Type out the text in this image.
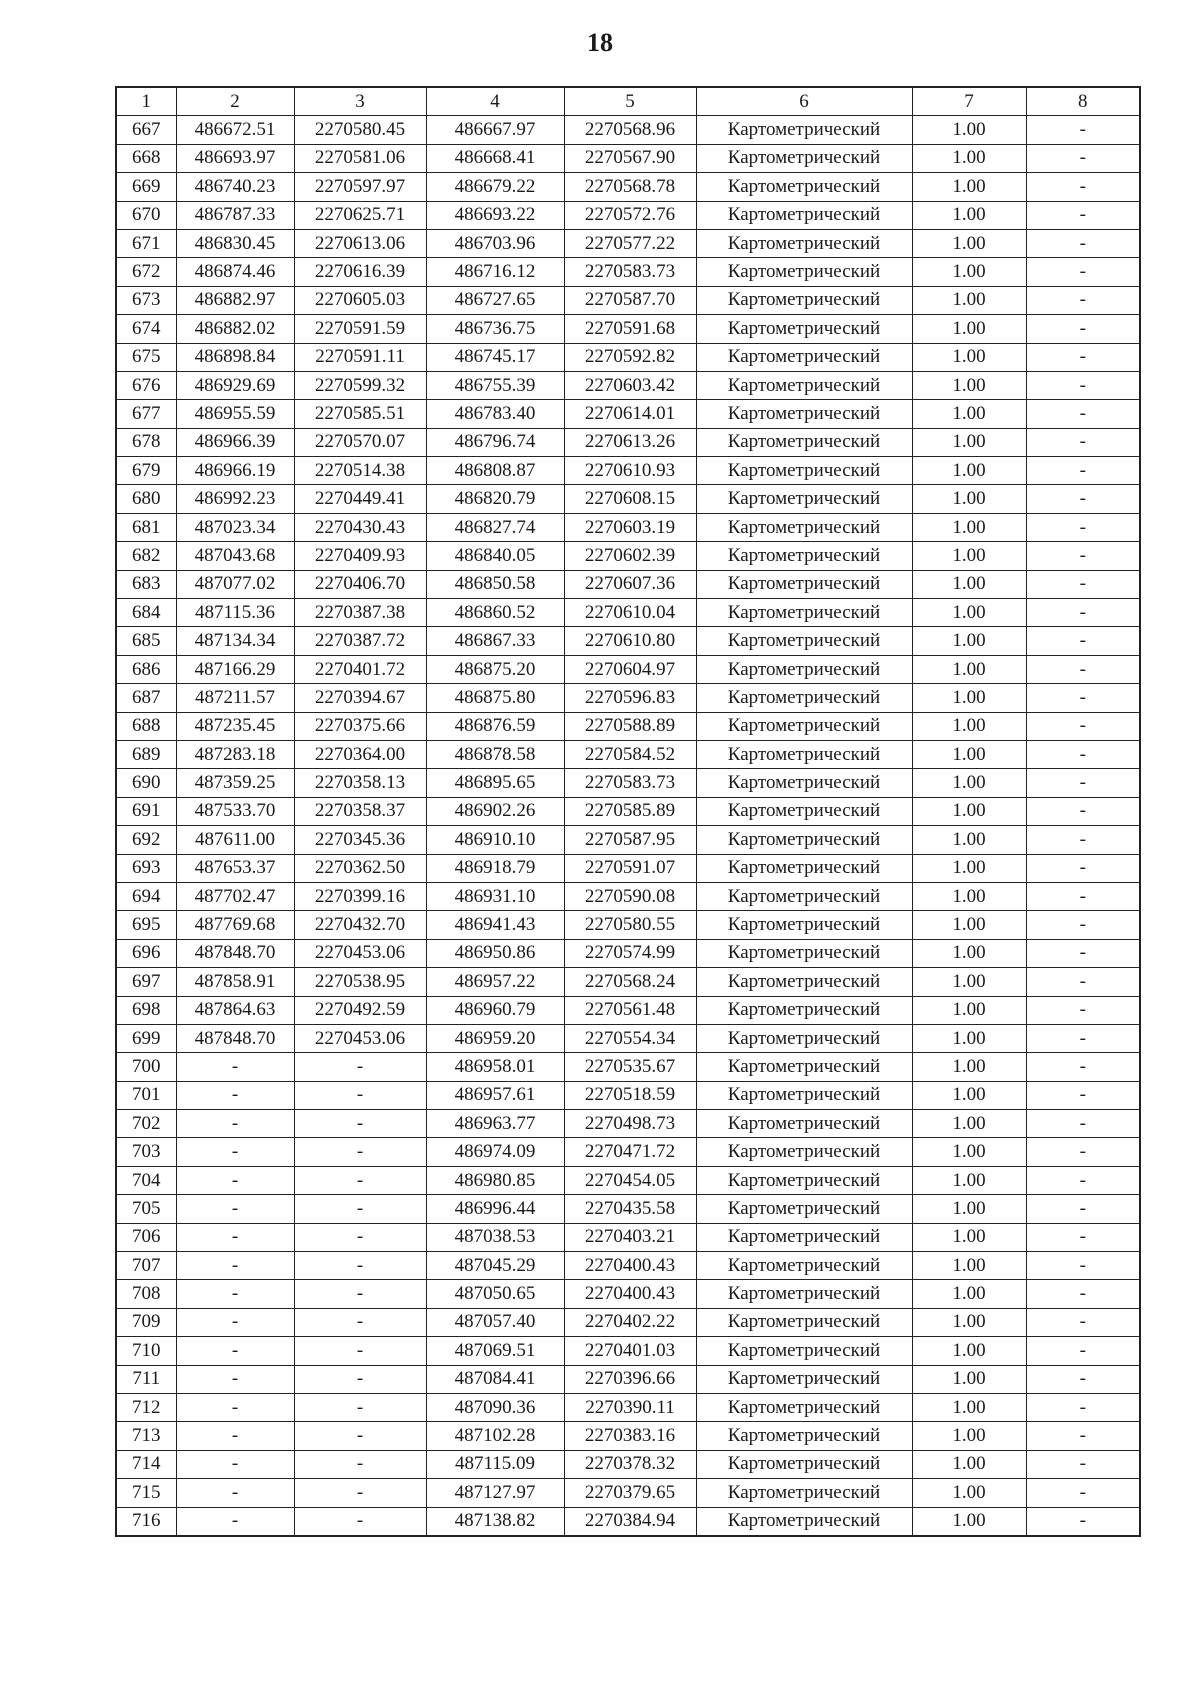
18
1	2	3	4	5	6	7	8
667	486672.51	2270580.45	486667.97	2270568.96	Картометрический	1.00	-
668	486693.97	2270581.06	486668.41	2270567.90	Картометрический	1.00	-
669	486740.23	2270597.97	486679.22	2270568.78	Картометрический	1.00	-
670	486787.33	2270625.71	486693.22	2270572.76	Картометрический	1.00	-
671	486830.45	2270613.06	486703.96	2270577.22	Картометрический	1.00	-
672	486874.46	2270616.39	486716.12	2270583.73	Картометрический	1.00	-
673	486882.97	2270605.03	486727.65	2270587.70	Картометрический	1.00	-
674	486882.02	2270591.59	486736.75	2270591.68	Картометрический	1.00	-
675	486898.84	2270591.11	486745.17	2270592.82	Картометрический	1.00	-
676	486929.69	2270599.32	486755.39	2270603.42	Картометрический	1.00	-
677	486955.59	2270585.51	486783.40	2270614.01	Картометрический	1.00	-
678	486966.39	2270570.07	486796.74	2270613.26	Картометрический	1.00	-
679	486966.19	2270514.38	486808.87	2270610.93	Картометрический	1.00	-
680	486992.23	2270449.41	486820.79	2270608.15	Картометрический	1.00	-
681	487023.34	2270430.43	486827.74	2270603.19	Картометрический	1.00	-
682	487043.68	2270409.93	486840.05	2270602.39	Картометрический	1.00	-
683	487077.02	2270406.70	486850.58	2270607.36	Картометрический	1.00	-
684	487115.36	2270387.38	486860.52	2270610.04	Картометрический	1.00	-
685	487134.34	2270387.72	486867.33	2270610.80	Картометрический	1.00	-
686	487166.29	2270401.72	486875.20	2270604.97	Картометрический	1.00	-
687	487211.57	2270394.67	486875.80	2270596.83	Картометрический	1.00	-
688	487235.45	2270375.66	486876.59	2270588.89	Картометрический	1.00	-
689	487283.18	2270364.00	486878.58	2270584.52	Картометрический	1.00	-
690	487359.25	2270358.13	486895.65	2270583.73	Картометрический	1.00	-
691	487533.70	2270358.37	486902.26	2270585.89	Картометрический	1.00	-
692	487611.00	2270345.36	486910.10	2270587.95	Картометрический	1.00	-
693	487653.37	2270362.50	486918.79	2270591.07	Картометрический	1.00	-
694	487702.47	2270399.16	486931.10	2270590.08	Картометрический	1.00	-
695	487769.68	2270432.70	486941.43	2270580.55	Картометрический	1.00	-
696	487848.70	2270453.06	486950.86	2270574.99	Картометрический	1.00	-
697	487858.91	2270538.95	486957.22	2270568.24	Картометрический	1.00	-
698	487864.63	2270492.59	486960.79	2270561.48	Картометрический	1.00	-
699	487848.70	2270453.06	486959.20	2270554.34	Картометрический	1.00	-
700	-	-	486958.01	2270535.67	Картометрический	1.00	-
701	-	-	486957.61	2270518.59	Картометрический	1.00	-
702	-	-	486963.77	2270498.73	Картометрический	1.00	-
703	-	-	486974.09	2270471.72	Картометрический	1.00	-
704	-	-	486980.85	2270454.05	Картометрический	1.00	-
705	-	-	486996.44	2270435.58	Картометрический	1.00	-
706	-	-	487038.53	2270403.21	Картометрический	1.00	-
707	-	-	487045.29	2270400.43	Картометрический	1.00	-
708	-	-	487050.65	2270400.43	Картометрический	1.00	-
709	-	-	487057.40	2270402.22	Картометрический	1.00	-
710	-	-	487069.51	2270401.03	Картометрический	1.00	-
711	-	-	487084.41	2270396.66	Картометрический	1.00	-
712	-	-	487090.36	2270390.11	Картометрический	1.00	-
713	-	-	487102.28	2270383.16	Картометрический	1.00	-
714	-	-	487115.09	2270378.32	Картометрический	1.00	-
715	-	-	487127.97	2270379.65	Картометрический	1.00	-
716	-	-	487138.82	2270384.94	Картометрический	1.00	-
